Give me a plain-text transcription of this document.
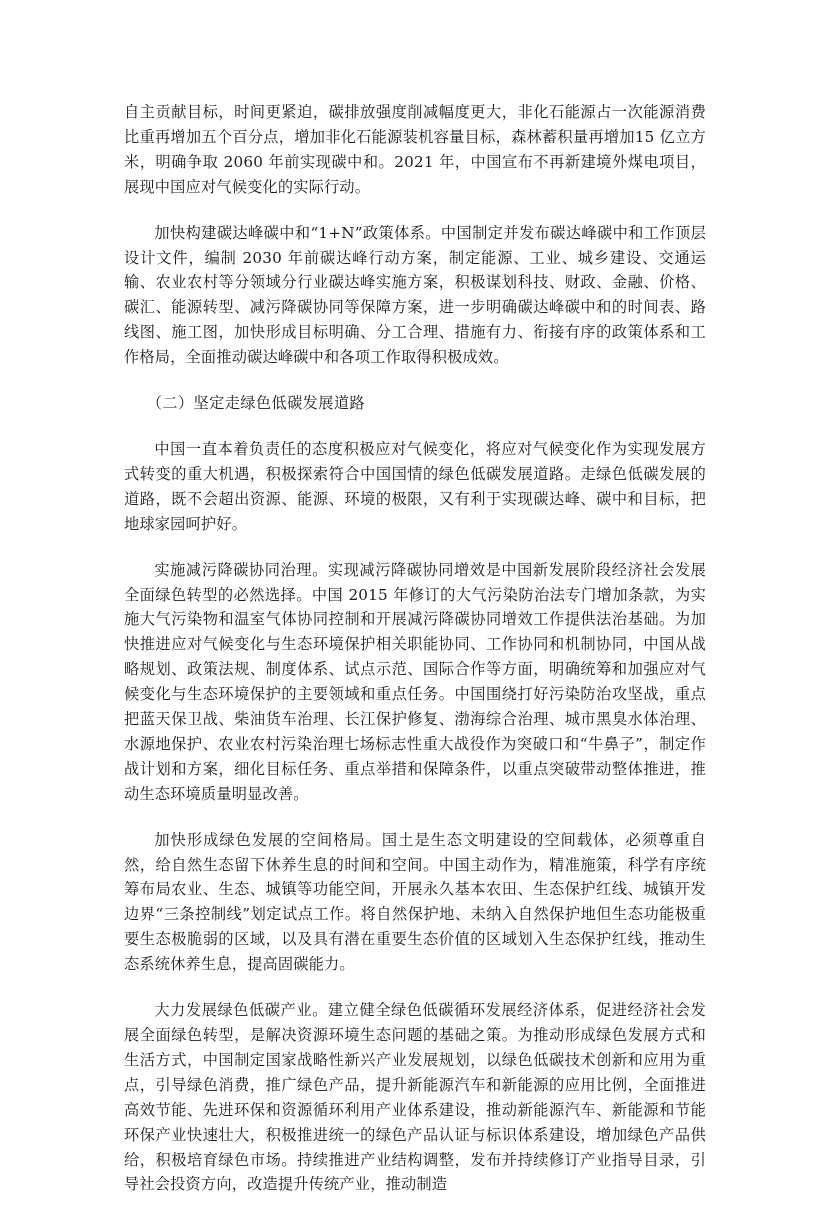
自主贡献目标，时间更紧迫，碳排放强度削减幅度更大，非化石能源占一次能源消费比重再增加五个百分点，增加非化石能源装机容量目标，森林蓄积量再增加15 亿立方米，明确争取 2060 年前实现碳中和。2021 年，中国宣布不再新建境外煤电项目，展现中国应对气候变化的实际行动。

加快构建碳达峰碳中和“1+N”政策体系。中国制定并发布碳达峰碳中和工作顶层设计文件，编制 2030 年前碳达峰行动方案，制定能源、工业、城乡建设、交通运输、农业农村等分领域分行业碳达峰实施方案，积极谋划科技、财政、金融、价格、碳汇、能源转型、减污降碳协同等保障方案，进一步明确碳达峰碳中和的时间表、路线图、施工图，加快形成目标明确、分工合理、措施有力、衔接有序的政策体系和工作格局，全面推动碳达峰碳中和各项工作取得积极成效。

（二）坚定走绿色低碳发展道路

中国一直本着负责任的态度积极应对气候变化，将应对气候变化作为实现发展方式转变的重大机遇，积极探索符合中国国情的绿色低碳发展道路。走绿色低碳发展的道路，既不会超出资源、能源、环境的极限，又有利于实现碳达峰、碳中和目标，把地球家园呵护好。

实施减污降碳协同治理。实现减污降碳协同增效是中国新发展阶段经济社会发展全面绿色转型的必然选择。中国 2015 年修订的大气污染防治法专门增加条款，为实施大气污染物和温室气体协同控制和开展减污降碳协同增效工作提供法治基础。为加快推进应对气候变化与生态环境保护相关职能协同、工作协同和机制协同，中国从战略规划、政策法规、制度体系、试点示范、国际合作等方面，明确统筹和加强应对气候变化与生态环境保护的主要领域和重点任务。中国围绕打好污染防治攻坚战，重点把蓝天保卫战、柴油货车治理、长江保护修复、渤海综合治理、城市黑臭水体治理、水源地保护、农业农村污染治理七场标志性重大战役作为突破口和“牛鼻子”，制定作战计划和方案，细化目标任务、重点举措和保障条件，以重点突破带动整体推进，推动生态环境质量明显改善。

加快形成绿色发展的空间格局。国土是生态文明建设的空间载体，必须尊重自然，给自然生态留下休养生息的时间和空间。中国主动作为，精准施策，科学有序统筹布局农业、生态、城镇等功能空间，开展永久基本农田、生态保护红线、城镇开发边界“三条控制线”划定试点工作。将自然保护地、未纳入自然保护地但生态功能极重要生态极脆弱的区域，以及具有潜在重要生态价值的区域划入生态保护红线，推动生态系统休养生息，提高固碳能力。

大力发展绿色低碳产业。建立健全绿色低碳循环发展经济体系，促进经济社会发展全面绿色转型，是解决资源环境生态问题的基础之策。为推动形成绿色发展方式和生活方式，中国制定国家战略性新兴产业发展规划，以绿色低碳技术创新和应用为重点，引导绿色消费，推广绿色产品，提升新能源汽车和新能源的应用比例，全面推进高效节能、先进环保和资源循环利用产业体系建设，推动新能源汽车、新能源和节能环保产业快速壮大，积极推进统一的绿色产品认证与标识体系建设，增加绿色产品供给，积极培育绿色市场。持续推进产业结构调整，发布并持续修订产业指导目录，引导社会投资方向，改造提升传统产业，推动制造
